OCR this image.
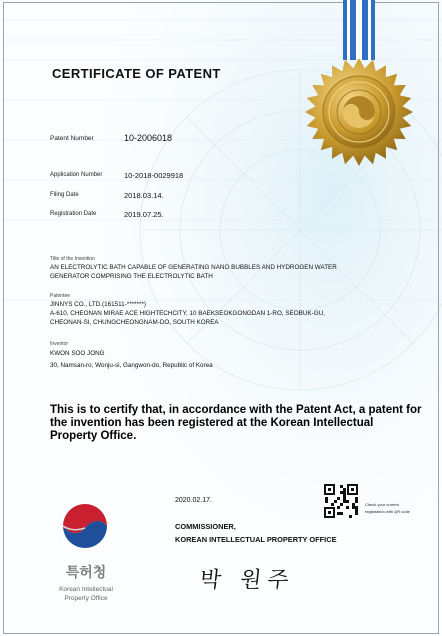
CERTIFICATE OF PATENT
Patent Number	10-2006018
Application Number	10-2018-0029918
Filing Date	2018.03.14.
Registration Date	2019.07.25.
Title of the Invention
AN ELECTROLYTIC BATH CAPABLE OF GENERATING NANO BUBBLES AND HYDROGEN WATER
GENERATOR COMPRISING THE ELECTROLYTIC BATH
Patentee
JINNYS CO., LTD.(161511-*******)
A-610, CHEONAN MIRAE ACE HIGHTECHCITY, 10 BAEKSEOKGONGDAN 1-RO, SEOBUK-GU,
CHEONAN-SI, CHUNGCHEONGNAM-DO, SOUTH KOREA
Inventor
KWON SOO JONG
30, Namsan-ro, Wonju-si, Gangwon-do, Republic of Korea
This is to certify that, in accordance with the Patent Act, a patent for the invention has been registered at the Korean Intellectual Property Office.
특허청
Korean Intellectual
Property Office
2020.02.17.
Check your current
registration with QR code
COMMISSIONER,
KOREAN INTELLECTUAL PROPERTY OFFICE
박 원주
